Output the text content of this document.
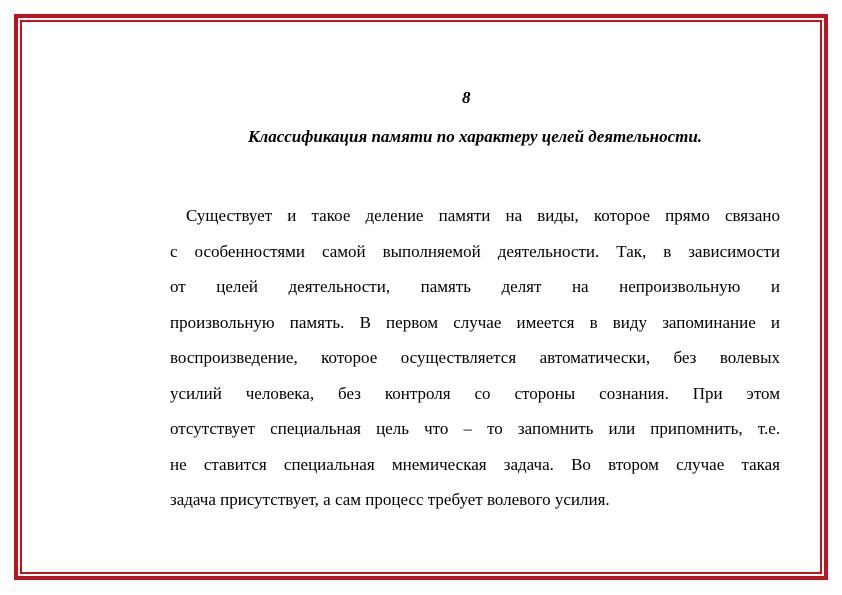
8
Классификация памяти по характеру целей деятельности.
Существует и такое деление памяти на виды, которое прямо связано
с особенностями самой выполняемой деятельности. Так, в зависимости
от целей деятельности, память делят на непроизвольную и
произвольную память. В первом случае имеется в виду запоминание и
воспроизведение, которое осуществляется автоматически, без волевых
усилий человека, без контроля со стороны сознания. При этом
отсутствует специальная цель что – то запомнить или припомнить, т.е.
не ставится специальная мнемическая задача. Во втором случае такая
задача присутствует, а сам процесс требует волевого усилия.
